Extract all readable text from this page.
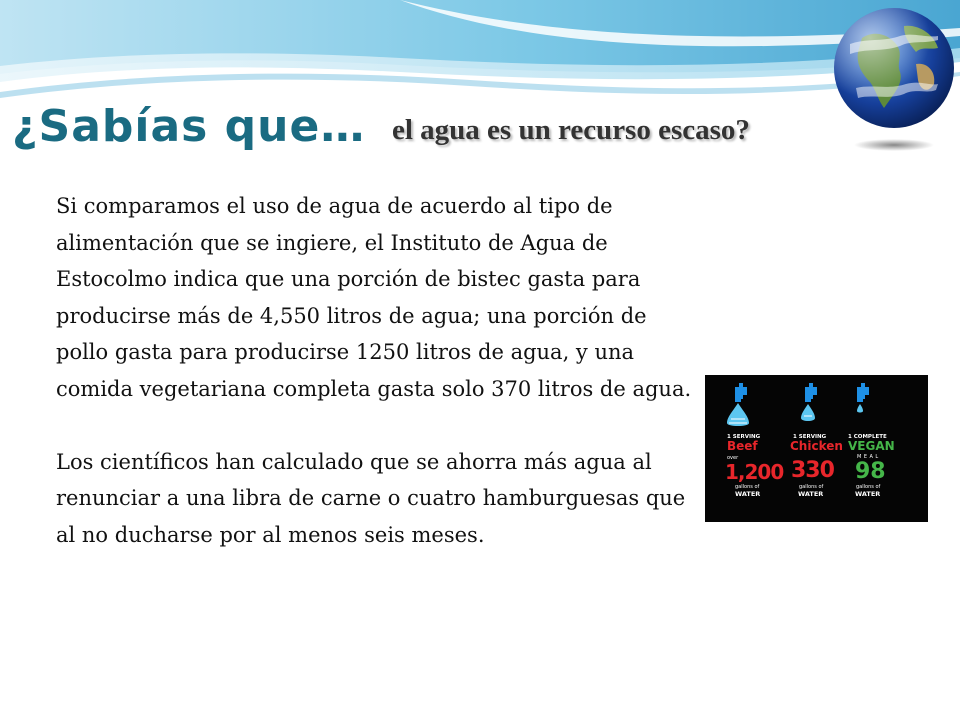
¿Sabías que… el agua es un recurso escaso?

Si comparamos el uso de agua de acuerdo al tipo de alimentación que se ingiere, el Instituto de Agua de Estocolmo indica que una porción de bistec gasta para producirse más de 4,550 litros de agua; una porción de pollo gasta para producirse 1250 litros de agua, y una comida vegetariana completa gasta solo 370 litros de agua.

Los científicos han calculado que se ahorra más agua al renunciar a una libra de carne o cuatro hamburguesas que al no ducharse por al menos seis meses.

1 SERVING
Beef
over
1,200
gallons of
WATER
1 SERVING
Chicken
330
gallons of
WATER
1 COMPLETE
VEGAN
MEAL
98
gallons of
WATER
